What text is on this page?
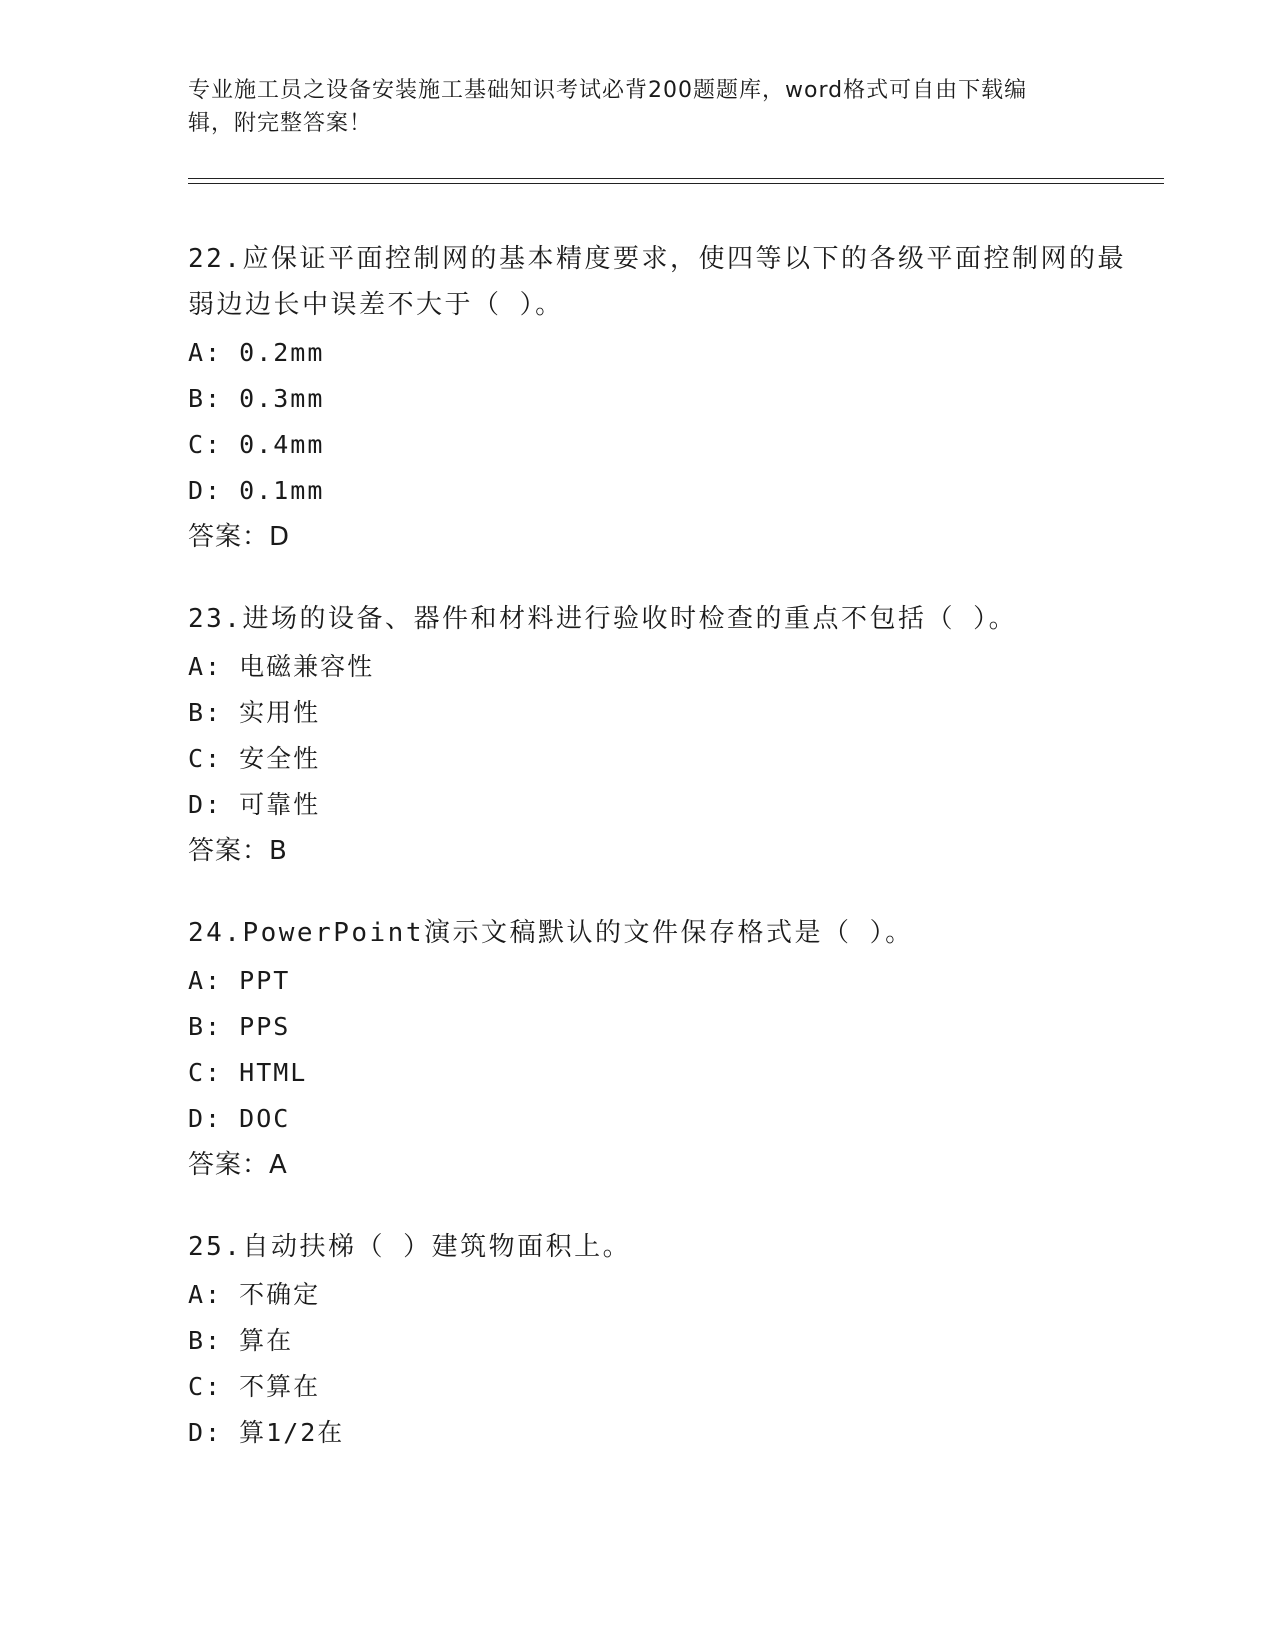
专业施工员之设备安装施工基础知识考试必背200题题库，word格式可自由下载编辑，附完整答案！
22.应保证平面控制网的基本精度要求，使四等以下的各级平面控制网的最弱边边长中误差不大于（ ）。
A: 0.2mm
B: 0.3mm
C: 0.4mm
D: 0.1mm
答案：D
23.进场的设备、器件和材料进行验收时检查的重点不包括（ ）。
A: 电磁兼容性
B: 实用性
C: 安全性
D: 可靠性
答案：B
24.PowerPoint演示文稿默认的文件保存格式是（ ）。
A: PPT
B: PPS
C: HTML
D: DOC
答案：A
25.自动扶梯（ ）建筑物面积上。
A: 不确定
B: 算在
C: 不算在
D: 算1/2在
